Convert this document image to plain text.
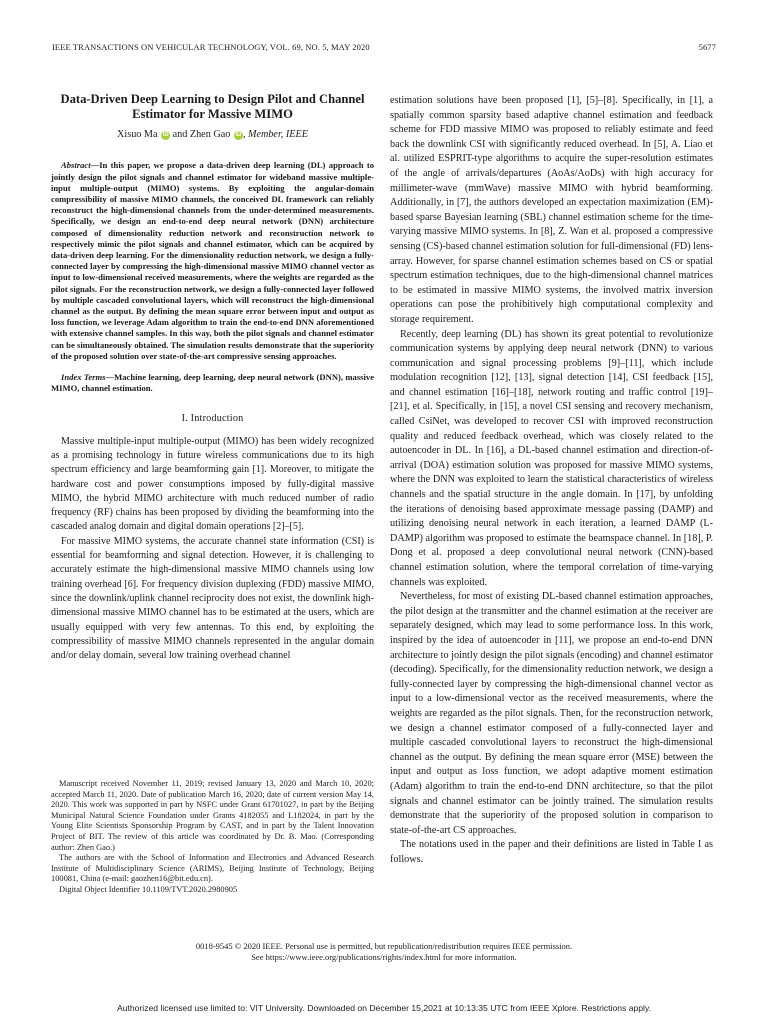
IEEE TRANSACTIONS ON VEHICULAR TECHNOLOGY, VOL. 69, NO. 5, MAY 2020	5677
Data-Driven Deep Learning to Design Pilot and Channel Estimator for Massive MIMO
Xisuo Ma iD and Zhen Gao iD , Member, IEEE

Abstract—In this paper, we propose a data-driven deep learning (DL) approach to jointly design the pilot signals and channel estimator for wideband massive multiple-input multiple-output (MIMO) systems. By exploiting the angular-domain compressibility of massive MIMO channels, the conceived DL framework can reliably reconstruct the high-dimensional channels from the under-determined measurements. Specifically, we design an end-to-end deep neural network (DNN) architecture composed of dimensionality reduction network and reconstruction network to respectively mimic the pilot signals and channel estimator, which can be acquired by data-driven deep learning. For the dimensionality reduction network, we design a fully-connected layer by compressing the high-dimensional massive MIMO channel vector as input to low-dimensional received measurements, where the weights are regarded as the pilot signals. For the reconstruction network, we design a fully-connected layer followed by multiple cascaded convolutional layers, which will reconstruct the high-dimensional channel as the output. By defining the mean square error between input and output as loss function, we leverage Adam algorithm to train the end-to-end DNN aforementioned with extensive channel samples. In this way, both the pilot signals and channel estimator can be simultaneously obtained. The simulation results demonstrate that the superiority of the proposed solution over state-of-the-art compressive sensing approaches.

Index Terms—Machine learning, deep learning, deep neural network (DNN), massive MIMO, channel estimation.

I. Introduction

Massive multiple-input multiple-output (MIMO) has been widely recognized as a promising technology in future wireless communications due to its high spectrum efficiency and large beamforming gain [1]. Moreover, to mitigate the hardware cost and power consumptions imposed by fully-digital massive MIMO, the hybrid MIMO architecture with much reduced number of radio frequency (RF) chains has been proposed by dividing the beamforming into the cascaded analog domain and digital domain operations [2]–[5].

For massive MIMO systems, the accurate channel state information (CSI) is essential for beamforming and signal detection. However, it is challenging to accurately estimate the high-dimensional massive MIMO channels using low training overhead [6]. For frequency division duplexing (FDD) massive MIMO, since the downlink/uplink channel reciprocity does not exist, the downlink high-dimensional massive MIMO channel has to be estimated at the users, which are usually equipped with very few antennas. To this end, by exploiting the compressibility of massive MIMO channels represented in the angular domain and/or delay domain, several low training overhead channel

Manuscript received November 11, 2019; revised January 13, 2020 and March 10, 2020; accepted March 11, 2020. Date of publication March 16, 2020; date of current version May 14, 2020. This work was supported in part by NSFC under Grant 61701027, in part by the Beijing Municipal Natural Science Foundation under Grants 4182055 and L182024, in part by the Young Elite Scientists Sponsorship Program by CAST, and in part by the Talent Innovation Project of BIT. The review of this article was coordinated by Dr. B. Mao. (Corresponding author: Zhen Gao.)

The authors are with the School of Information and Electronics and Advanced Research Institute of Multidisciplinary Science (ARIMS), Beijing Institute of Technology, Beijing 100081, China (e-mail: gaozhen16@bit.edu.cn).

Digital Object Identifier 10.1109/TVT.2020.2980905

estimation solutions have been proposed [1], [5]–[8]. Specifically, in [1], a spatially common sparsity based adaptive channel estimation and feedback scheme for FDD massive MIMO was proposed to reliably estimate and feed back the downlink CSI with significantly reduced overhead. In [5], A. Liao et al. utilized ESPRIT-type algorithms to acquire the super-resolution estimates of the angle of arrivals/departures (AoAs/AoDs) with high accuracy for millimeter-wave (mmWave) massive MIMO with hybrid beamforming. Additionally, in [7], the authors developed an expectation maximization (EM)-based sparse Bayesian learning (SBL) channel estimation scheme for the time-varying massive MIMO systems. In [8], Z. Wan et al. proposed a compressive sensing (CS)-based channel estimation solution for full-dimensional (FD) lens-array. However, for sparse channel estimation schemes based on CS or spatial spectrum estimation techniques, due to the high-dimensional channel matrices to be estimated in massive MIMO systems, the involved matrix inversion operations can pose the prohibitively high computational complexity and storage requirement.

Recently, deep learning (DL) has shown its great potential to revolutionize communication systems by applying deep neural network (DNN) to various communication and signal processing problems [9]–[11], which include modulation recognition [12], [13], signal detection [14], CSI feedback [15], and channel estimation [16]–[18], network routing and traffic control [19]–[21], et al. Specifically, in [15], a novel CSI sensing and recovery mechanism, called CsiNet, was developed to recover CSI with improved reconstruction quality and reduced feedback overhead, which was closely related to the autoencoder in DL. In [16], a DL-based channel estimation and direction-of-arrival (DOA) estimation solution was proposed for massive MIMO systems, where the DNN was exploited to learn the statistical characteristics of wireless channels and the spatial structure in the angle domain. In [17], by unfolding the iterations of denoising based approximate message passing (DAMP) and utilizing denoising neural network in each iteration, a learned DAMP (L-DAMP) algorithm was proposed to estimate the beamspace channel. In [18], P. Dong et al. proposed a deep convolutional neural network (CNN)-based channel estimation solution, where the temporal correlation of time-varying channels was exploited.

Nevertheless, for most of existing DL-based channel estimation approaches, the pilot design at the transmitter and the channel estimation at the receiver are separately designed, which may lead to some performance loss. In this work, inspired by the idea of autoencoder in [11], we propose an end-to-end DNN architecture to jointly design the pilot signals (encoding) and channel estimator (decoding). Specifically, for the dimensionality reduction network, we design a fully-connected layer by compressing the high-dimensional channel vector as input to a low-dimensional vector as the received measurements, where the weights are regarded as the pilot signals. Then, for the reconstruction network, we design a channel estimator composed of a fully-connected layer and multiple cascaded convolutional layers to reconstruct the high-dimensional channel as the output. By defining the mean square error (MSE) between the input and output as loss function, we adopt adaptive moment estimation (Adam) algorithm to train the end-to-end DNN architecture, so that the pilot signals and channel estimator can be jointly trained. The simulation results demonstrate that the superiority of the proposed solution in comparison to state-of-the-art CS approaches.

The notations used in the paper and their definitions are listed in Table I as follows.

0018-9545 © 2020 IEEE. Personal use is permitted, but republication/redistribution requires IEEE permission.
See https://www.ieee.org/publications/rights/index.html for more information.
Authorized licensed use limited to: VIT University. Downloaded on December 15,2021 at 10:13:35 UTC from IEEE Xplore. Restrictions apply.
